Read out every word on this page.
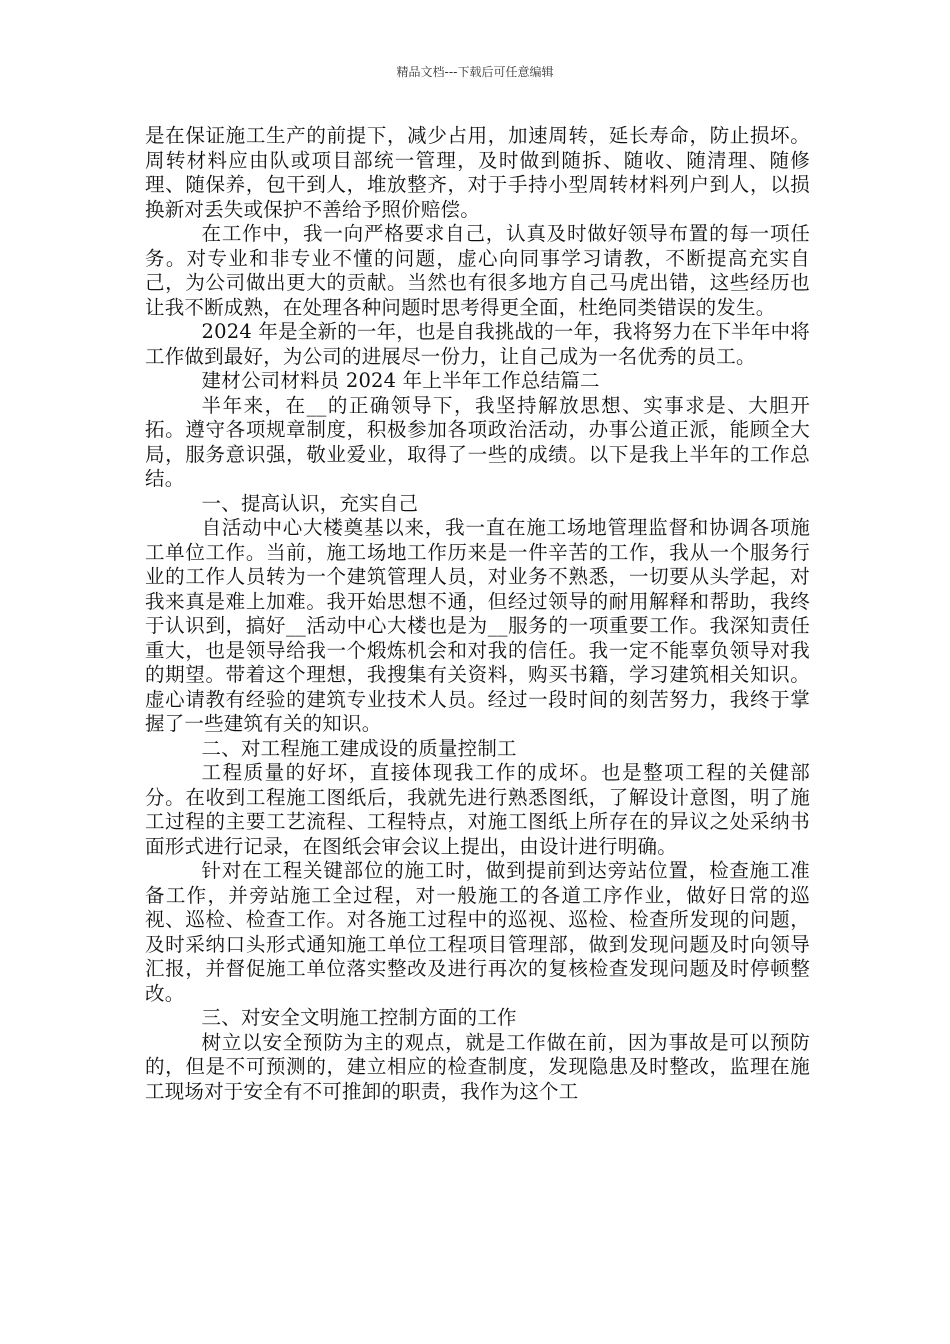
精品文档---下载后可任意编辑

是在保证施工生产的前提下，减少占用，加速周转，延长寿命，防止损坏。周转材料应由队或项目部统一管理，及时做到随拆、随收、随清理、随修理、随保养，包干到人，堆放整齐，对于手持小型周转材料列户到人，以损换新对丢失或保护不善给予照价赔偿。

在工作中，我一向严格要求自己，认真及时做好领导布置的每一项任务。对专业和非专业不懂的问题，虚心向同事学习请教，不断提高充实自己，为公司做出更大的贡献。当然也有很多地方自己马虎出错，这些经历也让我不断成熟，在处理各种问题时思考得更全面，杜绝同类错误的发生。

2024 年是全新的一年，也是自我挑战的一年，我将努力在下半年中将工作做到最好，为公司的进展尽一份力，让自己成为一名优秀的员工。

建材公司材料员 2024 年上半年工作总结篇二

半年来，在__的正确领导下，我坚持解放思想、实事求是、大胆开拓。遵守各项规章制度，积极参加各项政治活动，办事公道正派，能顾全大局，服务意识强，敬业爱业，取得了一些的成绩。以下是我上半年的工作总结。

一、提高认识，充实自己

自活动中心大楼奠基以来，我一直在施工场地管理监督和协调各项施工单位工作。当前，施工场地工作历来是一件辛苦的工作，我从一个服务行业的工作人员转为一个建筑管理人员，对业务不熟悉，一切要从头学起，对我来真是难上加难。我开始思想不通，但经过领导的耐用解释和帮助，我终于认识到，搞好__活动中心大楼也是为__服务的一项重要工作。我深知责任重大，也是领导给我一个煅炼机会和对我的信任。我一定不能辜负领导对我的期望。带着这个理想，我搜集有关资料，购买书籍，学习建筑相关知识。虚心请教有经验的建筑专业技术人员。经过一段时间的刻苦努力，我终于掌握了一些建筑有关的知识。

二、对工程施工建成设的质量控制工

工程质量的好坏，直接体现我工作的成坏。也是整项工程的关健部分。在收到工程施工图纸后，我就先进行熟悉图纸，了解设计意图，明了施工过程的主要工艺流程、工程特点，对施工图纸上所存在的异议之处采纳书面形式进行记录，在图纸会审会议上提出，由设计进行明确。

针对在工程关键部位的施工时，做到提前到达旁站位置，检查施工准备工作，并旁站施工全过程，对一般施工的各道工序作业，做好日常的巡视、巡检、检查工作。对各施工过程中的巡视、巡检、检查所发现的问题，及时采纳口头形式通知施工单位工程项目管理部，做到发现问题及时向领导汇报，并督促施工单位落实整改及进行再次的复核检查发现问题及时停顿整改。

三、对安全文明施工控制方面的工作

树立以安全预防为主的观点，就是工作做在前，因为事故是可以预防的，但是不可预测的，建立相应的检查制度，发现隐患及时整改，监理在施工现场对于安全有不可推卸的职责，我作为这个工
